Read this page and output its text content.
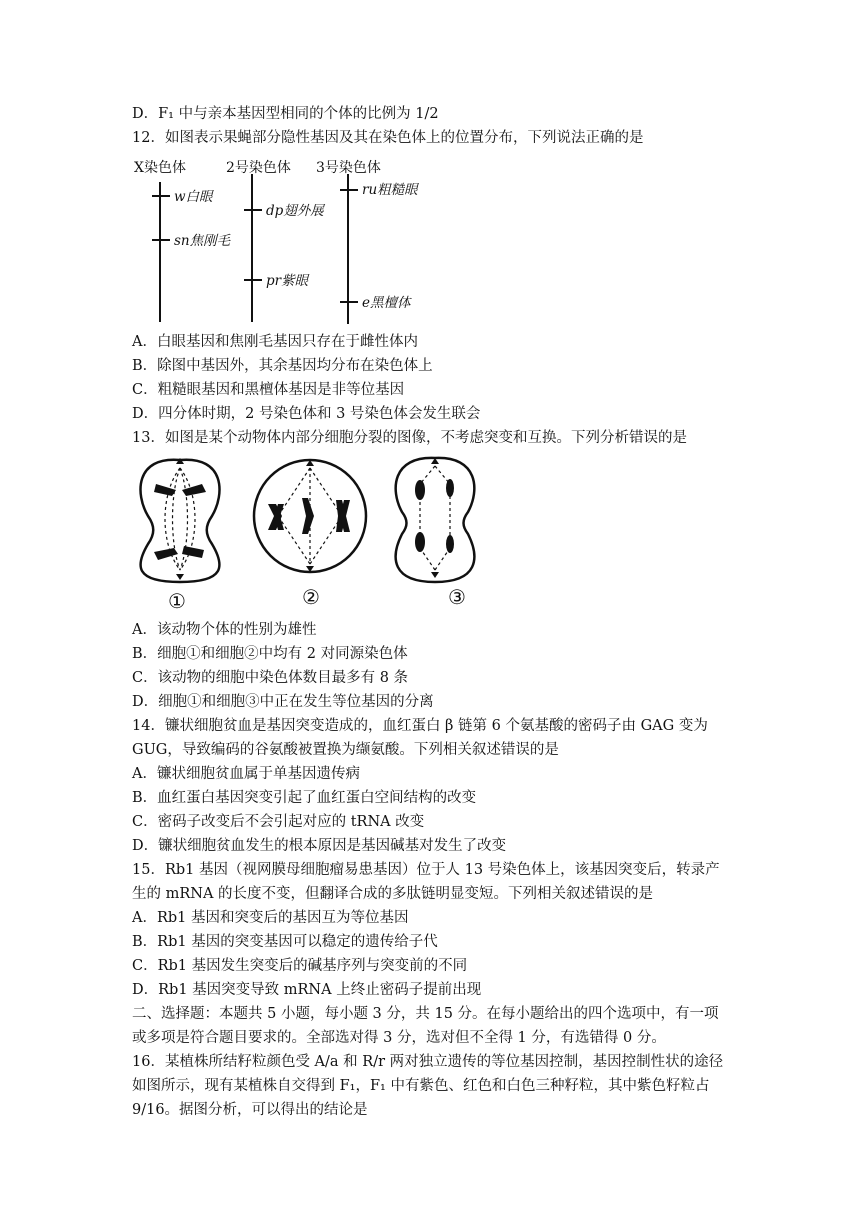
D．F₁ 中与亲本基因型相同的个体的比例为 1/2
12．如图表示果蝇部分隐性基因及其在染色体上的位置分布，下列说法正确的是
X染色体	2号染色体 3号染色体
w白眼
sn焦刚毛
dp翅外展
pr紫眼
ru粗糙眼
e黑檀体
A．白眼基因和焦刚毛基因只存在于雌性体内
B．除图中基因外，其余基因均分布在染色体上
C．粗糙眼基因和黑檀体基因是非等位基因
D．四分体时期，2 号染色体和 3 号染色体会发生联会
13．如图是某个动物体内部分细胞分裂的图像，不考虑突变和互换。下列分析错误的是
①	②	③
A．该动物个体的性别为雄性
B．细胞①和细胞②中均有 2 对同源染色体
C．该动物的细胞中染色体数目最多有 8 条
D．细胞①和细胞③中正在发生等位基因的分离
14．镰状细胞贫血是基因突变造成的，血红蛋白 β 链第 6 个氨基酸的密码子由 GAG 变为
GUG，导致编码的谷氨酸被置换为缬氨酸。下列相关叙述错误的是
A．镰状细胞贫血属于单基因遗传病
B．血红蛋白基因突变引起了血红蛋白空间结构的改变
C．密码子改变后不会引起对应的 tRNA 改变
D．镰状细胞贫血发生的根本原因是基因碱基对发生了改变
15．Rb1 基因（视网膜母细胞瘤易患基因）位于人 13 号染色体上，该基因突变后，转录产
生的 mRNA 的长度不变，但翻译合成的多肽链明显变短。下列相关叙述错误的是
A．Rb1 基因和突变后的基因互为等位基因
B．Rb1 基因的突变基因可以稳定的遗传给子代
C．Rb1 基因发生突变后的碱基序列与突变前的不同
D．Rb1 基因突变导致 mRNA 上终止密码子提前出现
二、选择题：本题共 5 小题，每小题 3 分，共 15 分。在每小题给出的四个选项中，有一项
或多项是符合题目要求的。全部选对得 3 分，选对但不全得 1 分，有选错得 0 分。
16．某植株所结籽粒颜色受 A/a 和 R/r 两对独立遗传的等位基因控制，基因控制性状的途径
如图所示，现有某植株自交得到 F₁，F₁ 中有紫色、红色和白色三种籽粒，其中紫色籽粒占
9/16。据图分析，可以得出的结论是
